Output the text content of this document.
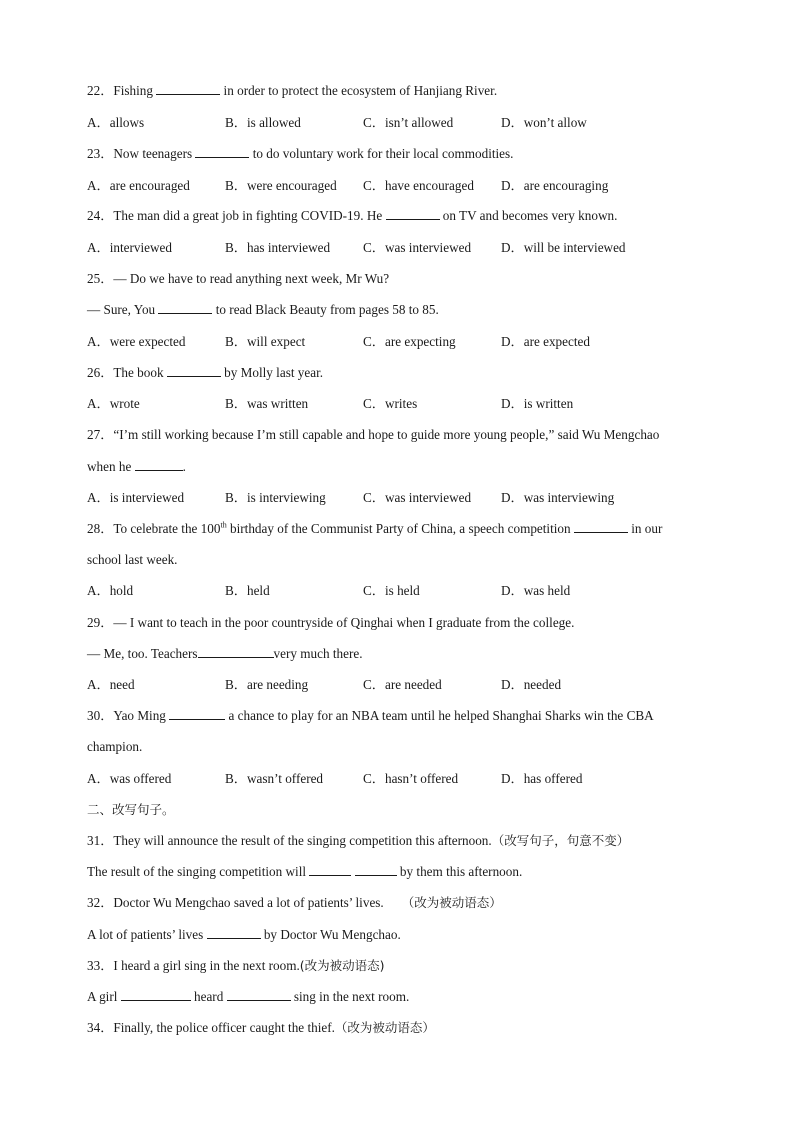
22．Fishing	in order to protect the ecosystem of Hanjiang River.
A．allows	B．is allowed	C．isn’t allowed	D．won’t allow
23．Now teenagers	to do voluntary work for their local commodities.
A．are encouraged	B．were encouraged C．have encouraged D．are encouraging
24．The man did a great job in fighting COVID-19. He	on TV and becomes very known.
A．interviewed	B．has interviewed C．was interviewed D．will be interviewed
25．— Do we have to read anything next week, Mr Wu?
— Sure, You	to read Black Beauty from pages 58 to 85.
A．were expected	B．will expect	C．are expecting	D．are expected
26．The book	by Molly last year.
A．wrote	B．was written	C．writes	D．is written
27．“I’m still working because I’m still capable and hope to guide more young people,” said Wu Mengchao
when he	.
A．is interviewed	B．is interviewing	C．was interviewed D．was interviewing
28．To celebrate the 100th birthday of the Communist Party of China, a speech competition	in our
school last week.
A．hold	B．held	C．is held	D．was held
29．— I want to teach in the poor countryside of Qinghai when I graduate from the college.
— Me, too. Teachers	very much there.
A．need	B．are needing	C．are needed	D．needed
30．Yao Ming	a chance to play for an NBA team until he helped Shanghai Sharks win the CBA
champion.
A．was offered	B．wasn’t offered	C．hasn’t offered	D．has offered
二、改写句子。
31．They will announce the result of the singing competition this afternoon.（改写句子，句意不变）
The result of the singing competition will	by them this afternoon.
32．Doctor Wu Mengchao saved a lot of patients’ lives. （改为被动语态）
A lot of patients’ lives	by Doctor Wu Mengchao.
33．I heard a girl sing in the next room.(改为被动语态)
A girl	heard	sing in the next room.
34．Finally, the police officer caught the thief.（改为被动语态）
